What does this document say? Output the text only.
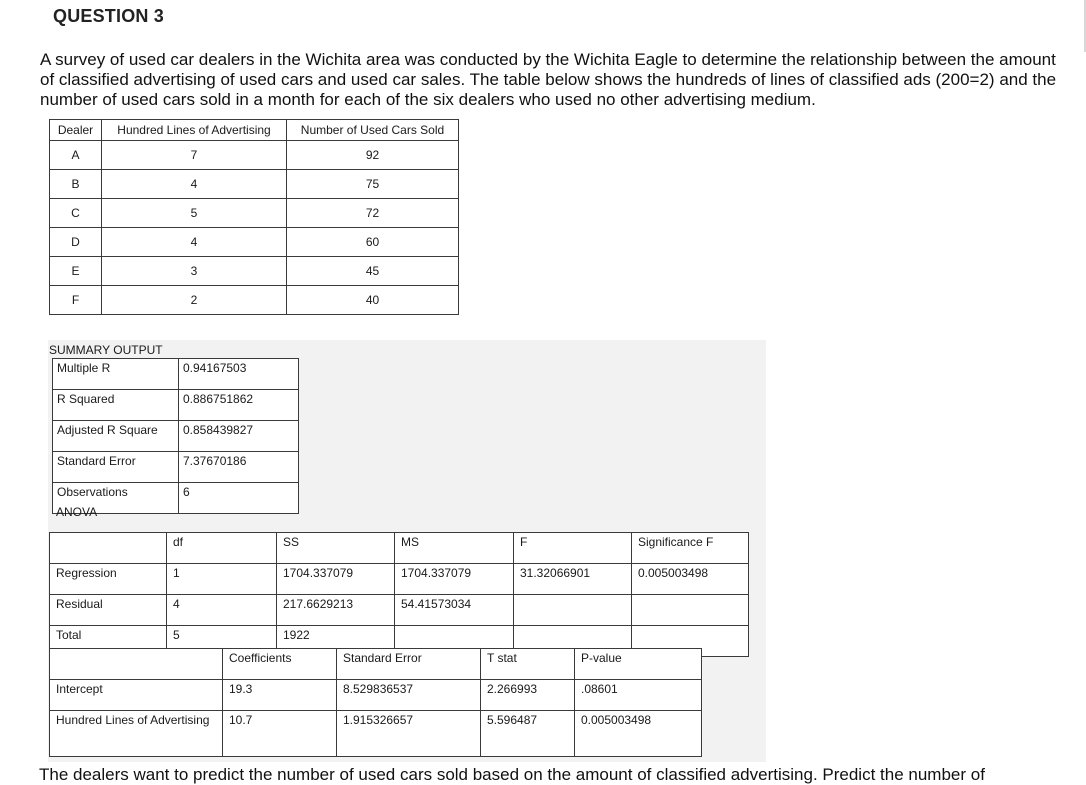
QUESTION 3
A survey of used car dealers in the Wichita area was conducted by the Wichita Eagle to determine the relationship between the amount of classified advertising of used cars and used car sales. The table below shows the hundreds of lines of classified ads (200=2) and the number of used cars sold in a month for each of the six dealers who used no other advertising medium.
Dealer	Hundred Lines of Advertising	Number of Used Cars Sold
A	7	92
B	4	75
C	5	72
D	4	60
E	3	45
F	2	40
SUMMARY OUTPUT
Multiple R	0.94167503
R Squared	0.886751862
Adjusted R Square	0.858439827
Standard Error	7.37670186
Observations	6
ANOVA
	df	SS	MS	F	Significance F
Regression	1	1704.337079	1704.337079	31.32066901	0.005003498
Residual	4	217.6629213	54.41573034		
Total	5	1922			
	Coefficients	Standard Error	T stat	P-value
Intercept	19.3	8.529836537	2.266993	.08601
Hundred Lines of Advertising	10.7	1.915326657	5.596487	0.005003498
The dealers want to predict the number of used cars sold based on the amount of classified advertising. Predict the number of
